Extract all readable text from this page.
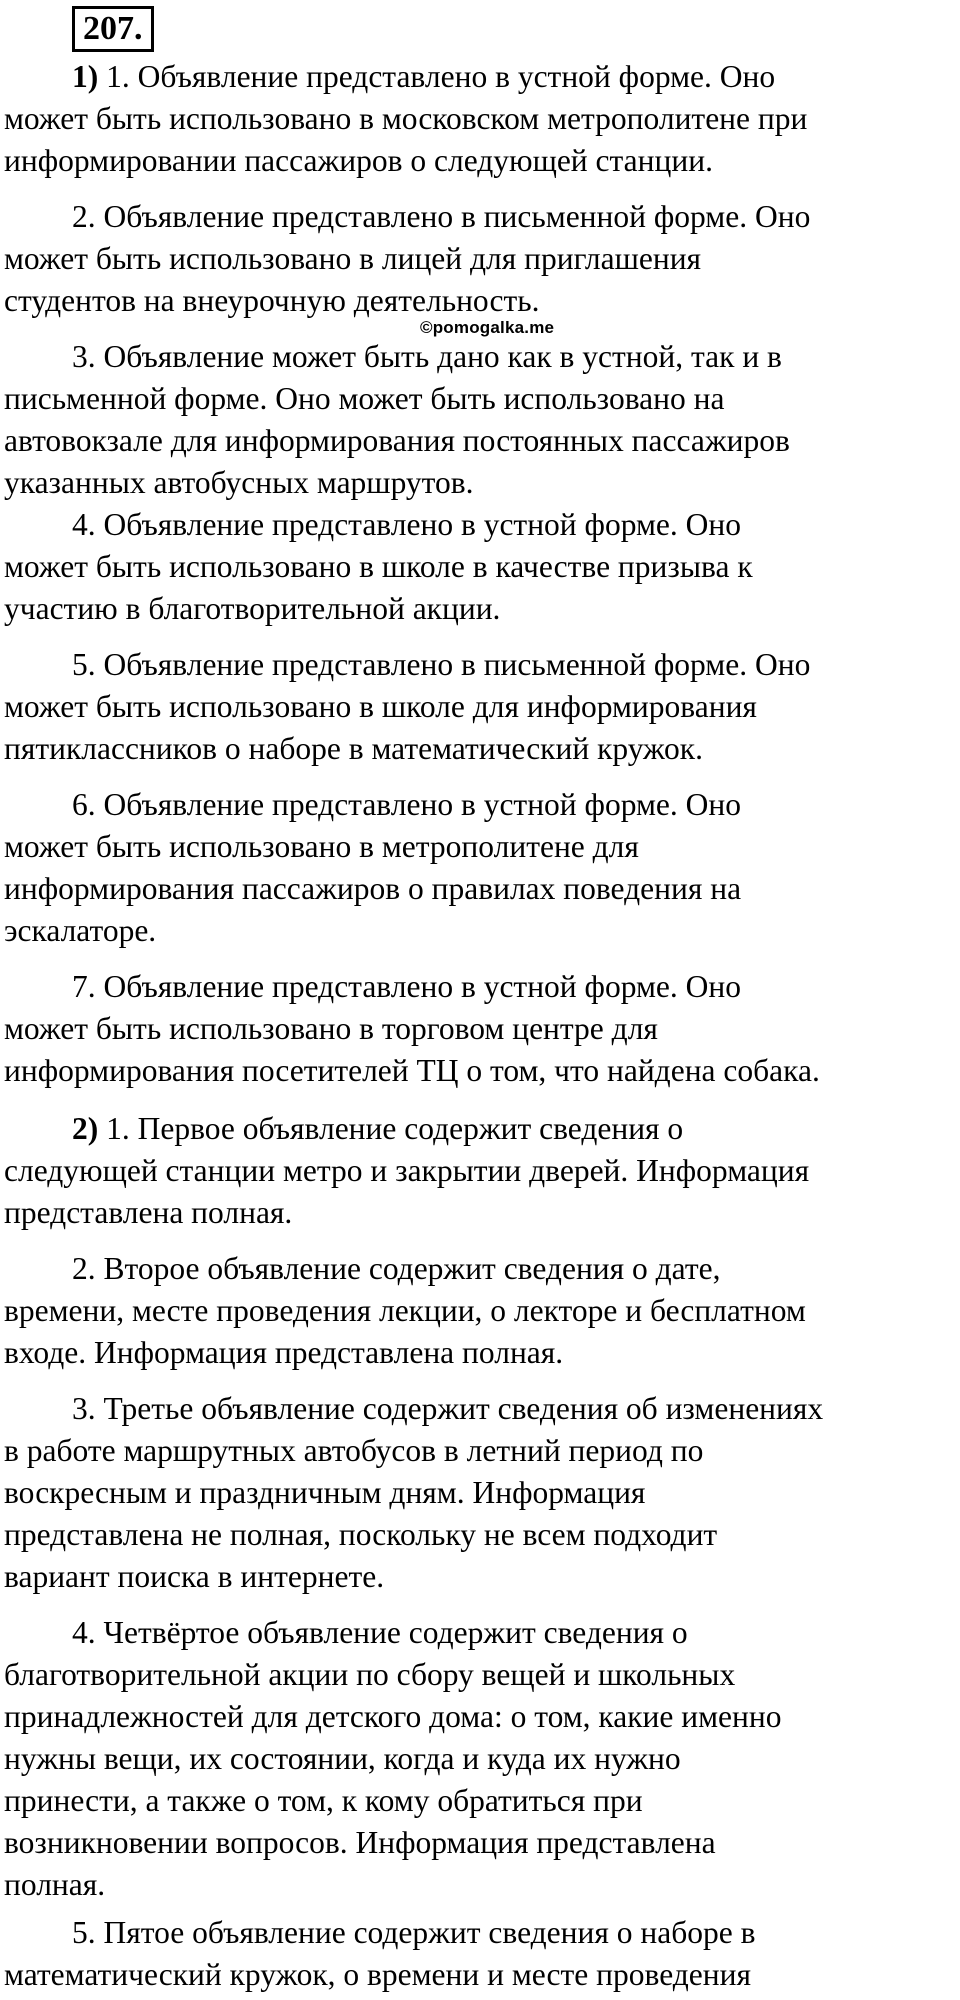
207.

1) 1. Объявление представлено в устной форме. Оно
может быть использовано в московском метрополитене при
информировании пассажиров о следующей станции.

2. Объявление представлено в письменной форме. Оно
может быть использовано в лицей для приглашения
студентов на внеурочную деятельность.

©pomogalka.me

3. Объявление может быть дано как в устной, так и в
письменной форме. Оно может быть использовано на
автовокзале для информирования постоянных пассажиров
указанных автобусных маршрутов.

4. Объявление представлено в устной форме. Оно
может быть использовано в школе в качестве призыва к
участию в благотворительной акции.

5. Объявление представлено в письменной форме. Оно
может быть использовано в школе для информирования
пятиклассников о наборе в математический кружок.

6. Объявление представлено в устной форме. Оно
может быть использовано в метрополитене для
информирования пассажиров о правилах поведения на
эскалаторе.

7. Объявление представлено в устной форме. Оно
может быть использовано в торговом центре для
информирования посетителей ТЦ о том, что найдена собака.

2) 1. Первое объявление содержит сведения о
следующей станции метро и закрытии дверей. Информация
представлена полная.

2. Второе объявление содержит сведения о дате,
времени, месте проведения лекции, о лекторе и бесплатном
входе. Информация представлена полная.

3. Третье объявление содержит сведения об изменениях
в работе маршрутных автобусов в летний период по
воскресным и праздничным дням. Информация
представлена не полная, поскольку не всем подходит
вариант поиска в интернете.

4. Четвёртое объявление содержит сведения о
благотворительной акции по сбору вещей и школьных
принадлежностей для детского дома: о том, какие именно
нужны вещи, их состоянии, когда и куда их нужно
принести, а также о том, к кому обратиться при
возникновении вопросов. Информация представлена
полная.

5. Пятое объявление содержит сведения о наборе в
математический кружок, о времени и месте проведения
